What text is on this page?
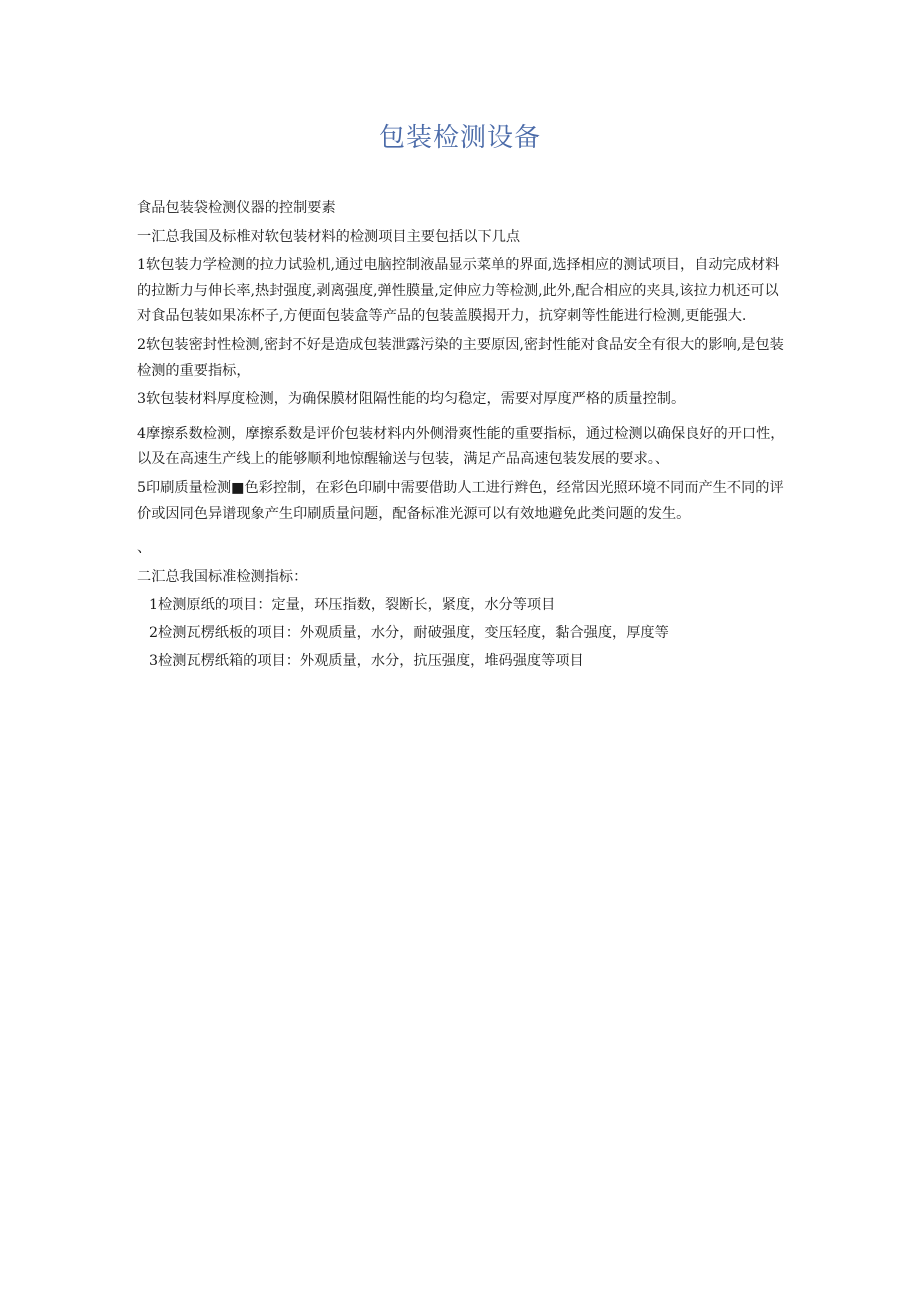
包装检测设备

食品包装袋检测仪器的控制要素

一汇总我国及标椎对软包装材料的检测项目主要包括以下几点

1软包装力学检测的拉力试验机,通过电脑控制液晶显示菜单的界面,选择相应的测试项目，自动完成材料的拉断力与伸长率,热封强度,剥离强度,弹性膜量,定伸应力等检测,此外,配合相应的夹具,该拉力机还可以对食品包装如果冻杯子,方便面包装盒等产品的包装盖膜揭开力，抗穿刺等性能进行检测,更能强大.

2软包装密封性检测,密封不好是造成包装泄露污染的主要原因,密封性能对食品安全有很大的影响,是包装检测的重要指标，

3软包装材料厚度检测，为确保膜材阻隔性能的均匀稳定，需要对厚度严格的质量控制。

4摩擦系数检测，摩擦系数是评价包装材料内外侧滑爽性能的重要指标，通过检测以确保良好的开口性，以及在高速生产线上的能够顺利地惊醒输送与包装，满足产品高速包装发展的要求。、

5印刷质量检测■色彩控制，在彩色印刷中需要借助人工进行辫色，经常因光照环境不同而产生不同的评价或因同色异谱现象产生印刷质量问题，配备标准光源可以有效地避免此类问题的发生。

、

二汇总我国标准检测指标：

1检测原纸的项目：定量，环压指数，裂断长，紧度，水分等项目

2检测瓦楞纸板的项目：外观质量，水分，耐破强度，变压轻度，黏合强度，厚度等

3检测瓦楞纸箱的项目：外观质量，水分，抗压强度，堆码强度等项目
